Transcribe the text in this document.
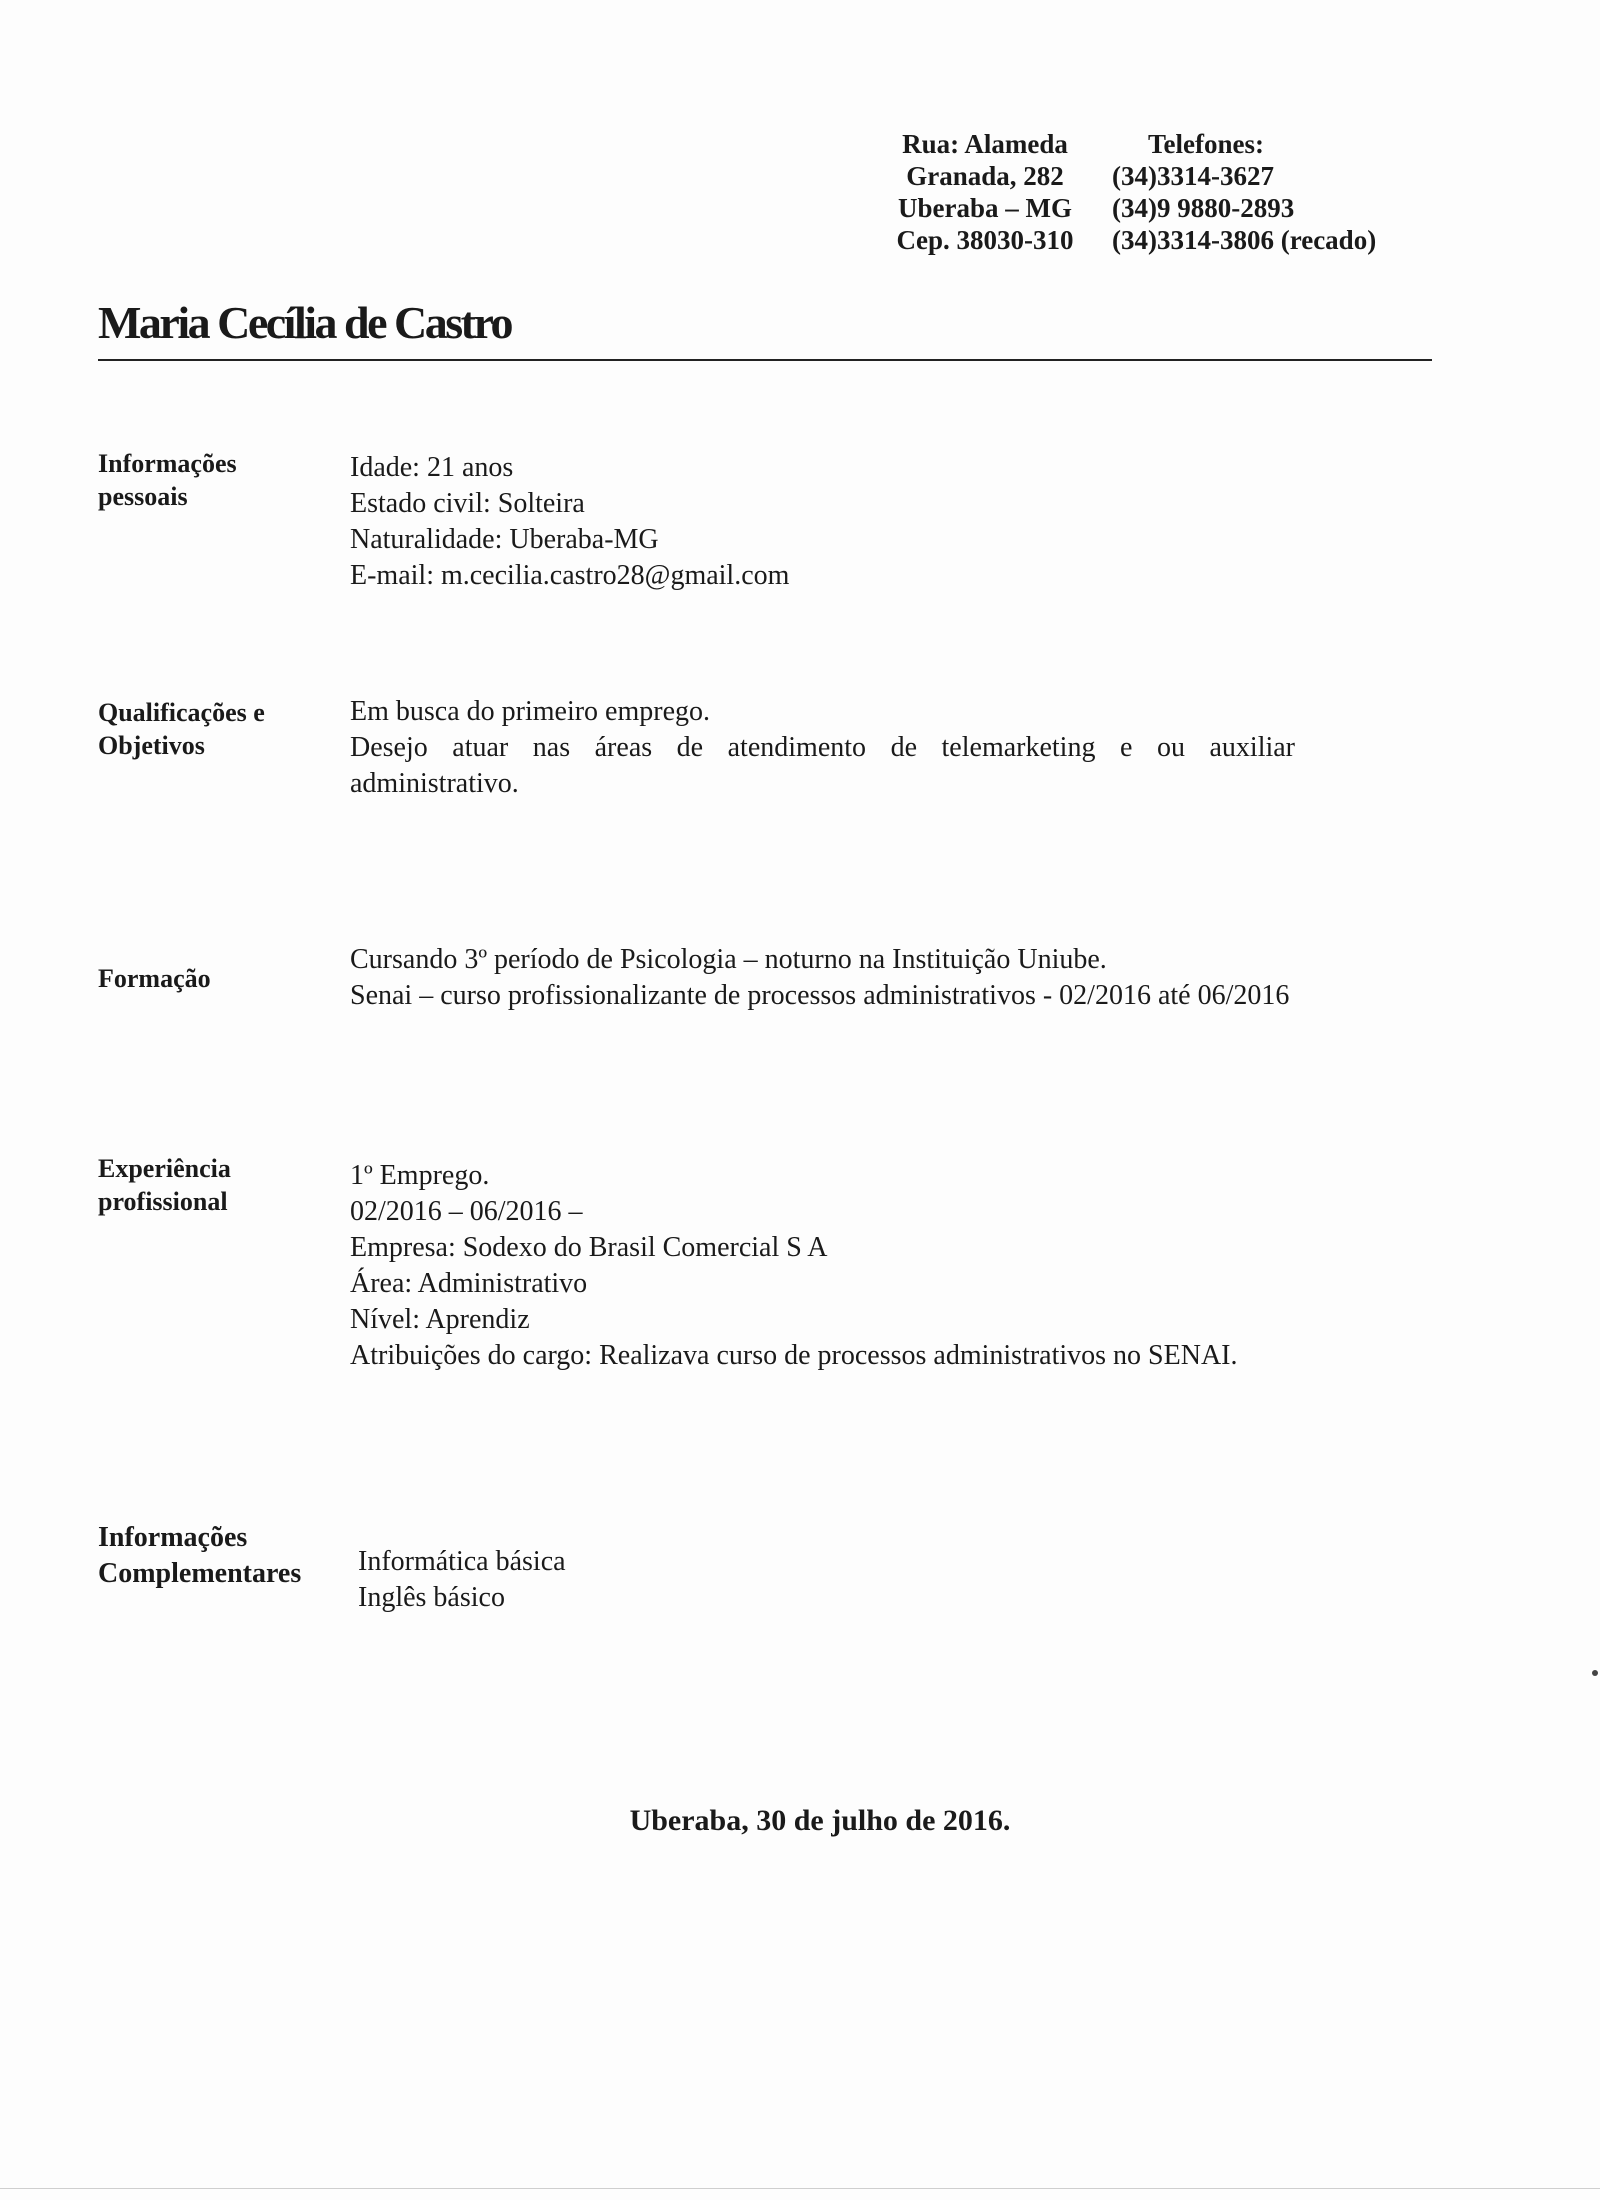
Rua: Alameda
Granada, 282
Uberaba – MG
Cep. 38030-310
Telefones:
(34)3314-3627
(34)9 9880-2893
(34)3314-3806 (recado)
Maria Cecília de Castro
Informações
pessoais
Idade: 21 anos
Estado civil: Solteira
Naturalidade: Uberaba-MG
E-mail: m.cecilia.castro28@gmail.com
Qualificações e
Objetivos
Em busca do primeiro emprego.
Desejo atuar nas áreas de atendimento de telemarketing e ou auxiliar administrativo.
Formação
Cursando 3º período de Psicologia – noturno na Instituição Uniube.
Senai – curso profissionalizante de processos administrativos - 02/2016 até 06/2016
Experiência
profissional
1º Emprego.
02/2016 – 06/2016 –
Empresa: Sodexo do Brasil Comercial S A
Área: Administrativo
Nível: Aprendiz
Atribuições do cargo: Realizava curso de processos administrativos no SENAI.
Informações
Complementares Informática básica
Inglês básico
Uberaba, 30 de julho de 2016.
